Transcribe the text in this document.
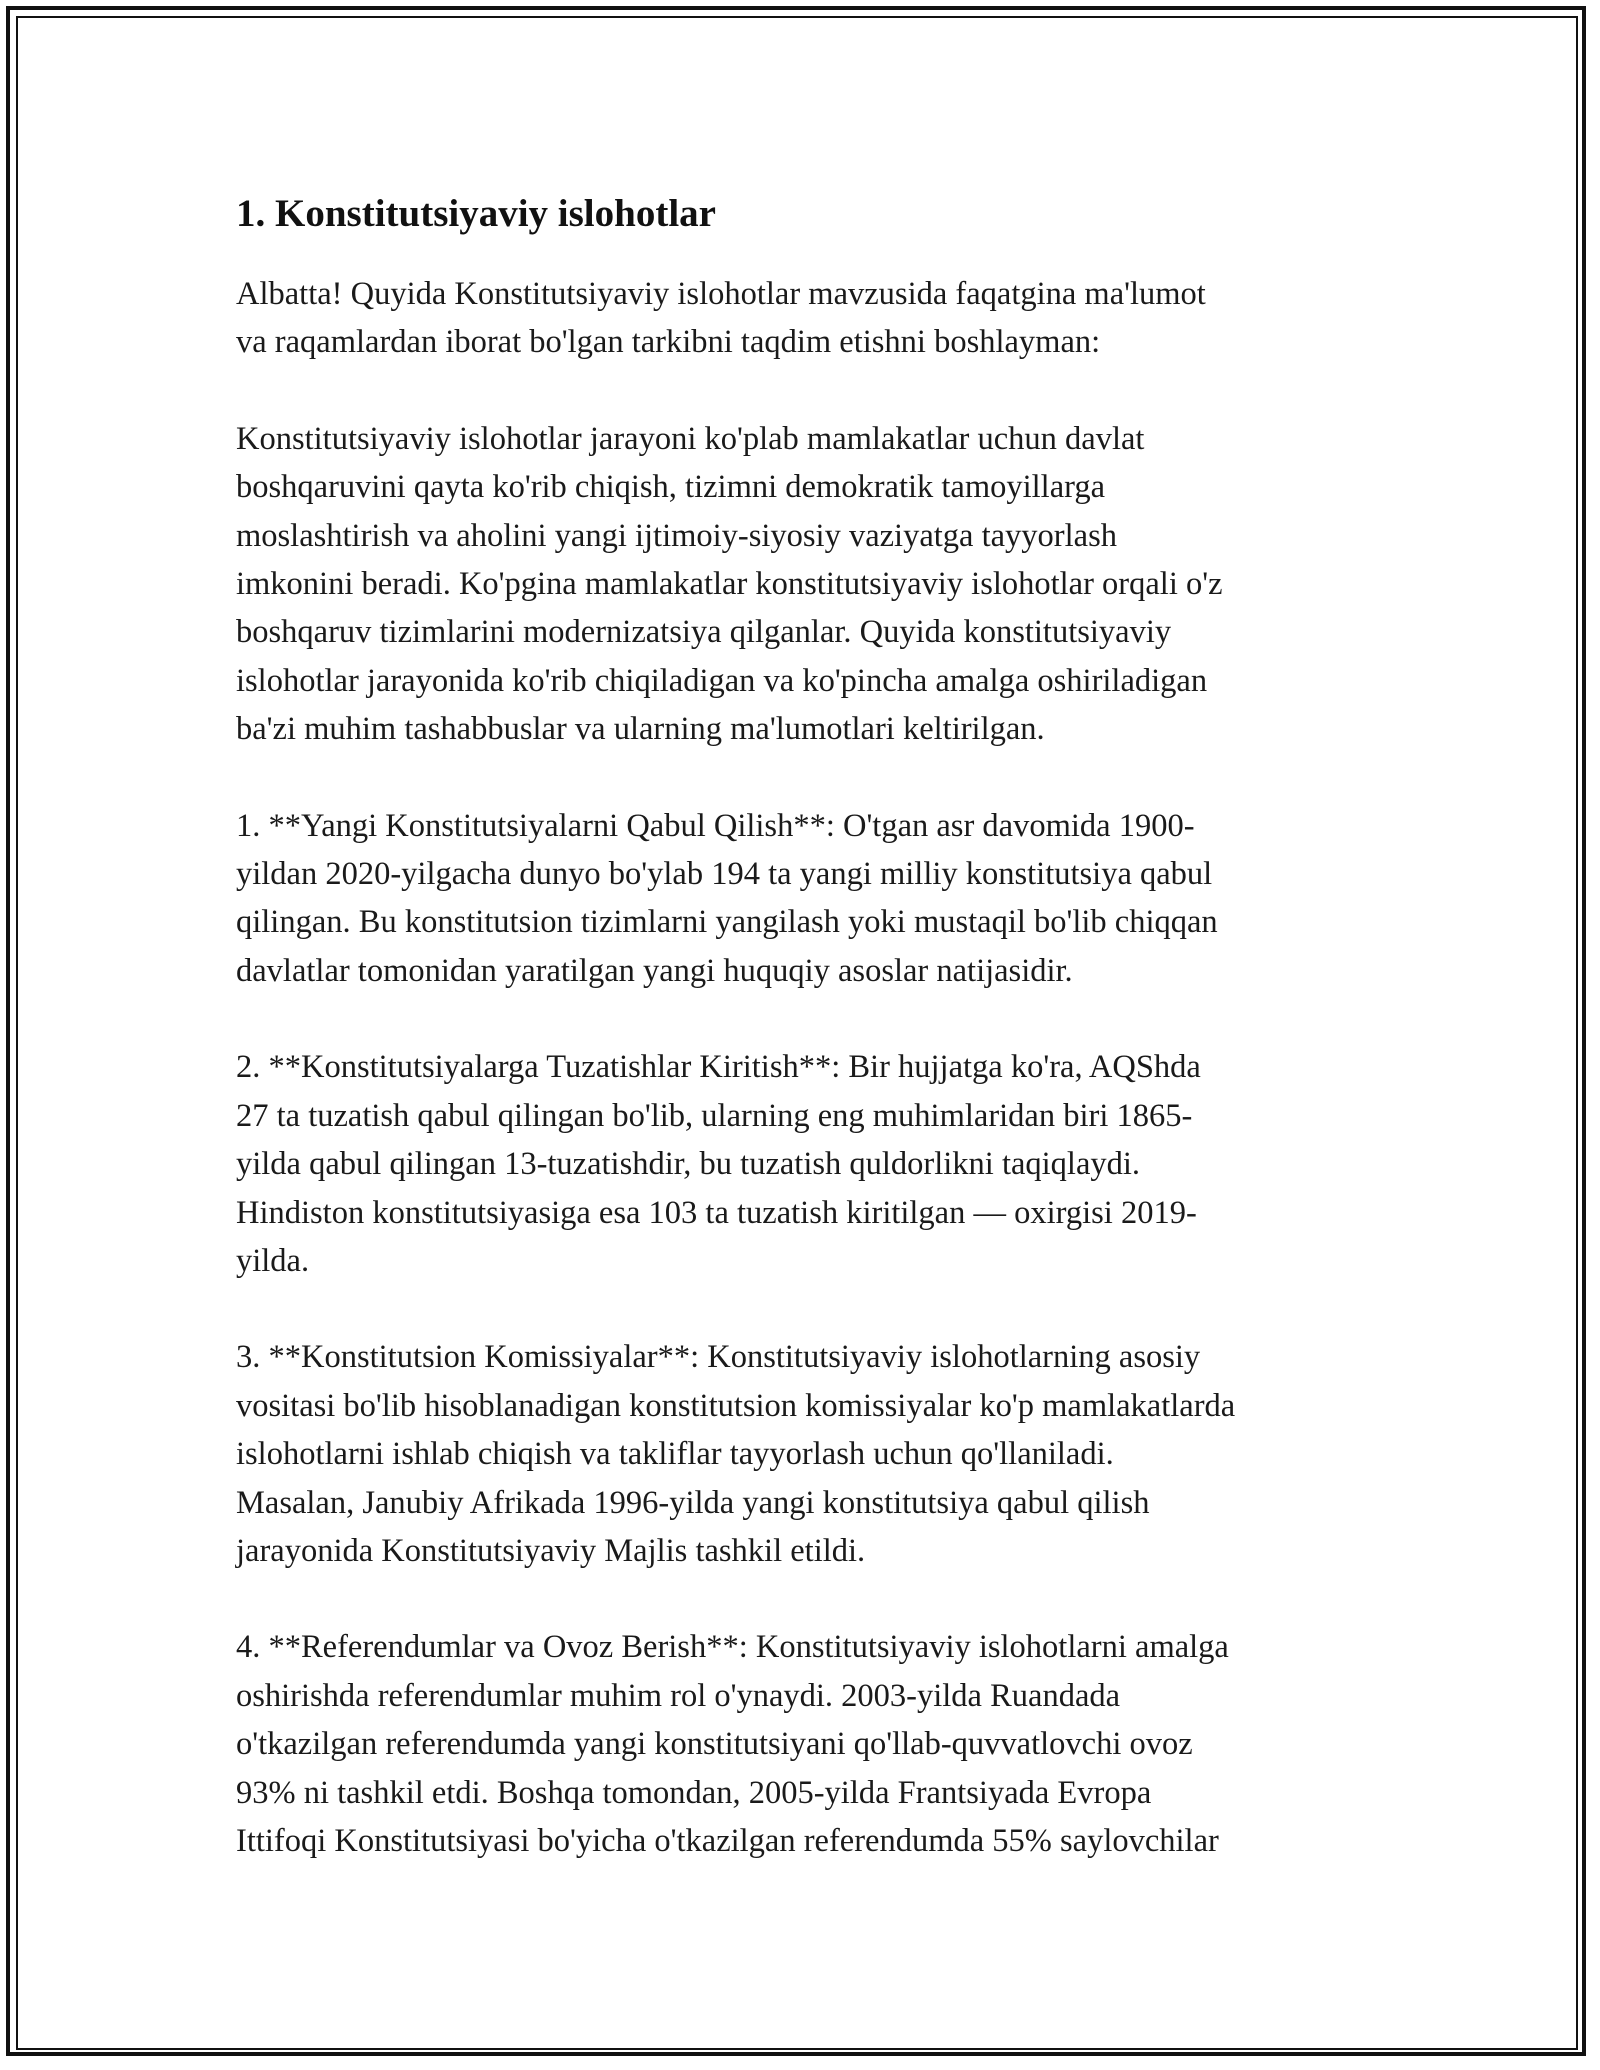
1. Konstitutsiyaviy islohotlar

Albatta! Quyida Konstitutsiyaviy islohotlar mavzusida faqatgina ma'lumot
va raqamlardan iborat bo'lgan tarkibni taqdim etishni boshlayman:

Konstitutsiyaviy islohotlar jarayoni ko'plab mamlakatlar uchun davlat
boshqaruvini qayta ko'rib chiqish, tizimni demokratik tamoyillarga
moslashtirish va aholini yangi ijtimoiy-siyosiy vaziyatga tayyorlash
imkonini beradi. Ko'pgina mamlakatlar konstitutsiyaviy islohotlar orqali o'z
boshqaruv tizimlarini modernizatsiya qilganlar. Quyida konstitutsiyaviy
islohotlar jarayonida ko'rib chiqiladigan va ko'pincha amalga oshiriladigan
ba'zi muhim tashabbuslar va ularning ma'lumotlari keltirilgan.

1. **Yangi Konstitutsiyalarni Qabul Qilish**: O'tgan asr davomida 1900-
yildan 2020-yilgacha dunyo bo'ylab 194 ta yangi milliy konstitutsiya qabul
qilingan. Bu konstitutsion tizimlarni yangilash yoki mustaqil bo'lib chiqqan
davlatlar tomonidan yaratilgan yangi huquqiy asoslar natijasidir.

2. **Konstitutsiyalarga Tuzatishlar Kiritish**: Bir hujjatga ko'ra, AQShda
27 ta tuzatish qabul qilingan bo'lib, ularning eng muhimlaridan biri 1865-
yilda qabul qilingan 13-tuzatishdir, bu tuzatish quldorlikni taqiqlaydi.
Hindiston konstitutsiyasiga esa 103 ta tuzatish kiritilgan — oxirgisi 2019-
yilda.

3. **Konstitutsion Komissiyalar**: Konstitutsiyaviy islohotlarning asosiy
vositasi bo'lib hisoblanadigan konstitutsion komissiyalar ko'p mamlakatlarda
islohotlarni ishlab chiqish va takliflar tayyorlash uchun qo'llaniladi.
Masalan, Janubiy Afrikada 1996-yilda yangi konstitutsiya qabul qilish
jarayonida Konstitutsiyaviy Majlis tashkil etildi.

4. **Referendumlar va Ovoz Berish**: Konstitutsiyaviy islohotlarni amalga
oshirishda referendumlar muhim rol o'ynaydi. 2003-yilda Ruandada
o'tkazilgan referendumda yangi konstitutsiyani qo'llab-quvvatlovchi ovoz
93% ni tashkil etdi. Boshqa tomondan, 2005-yilda Frantsiyada Evropa
Ittifoqi Konstitutsiyasi bo'yicha o'tkazilgan referendumda 55% saylovchilar
